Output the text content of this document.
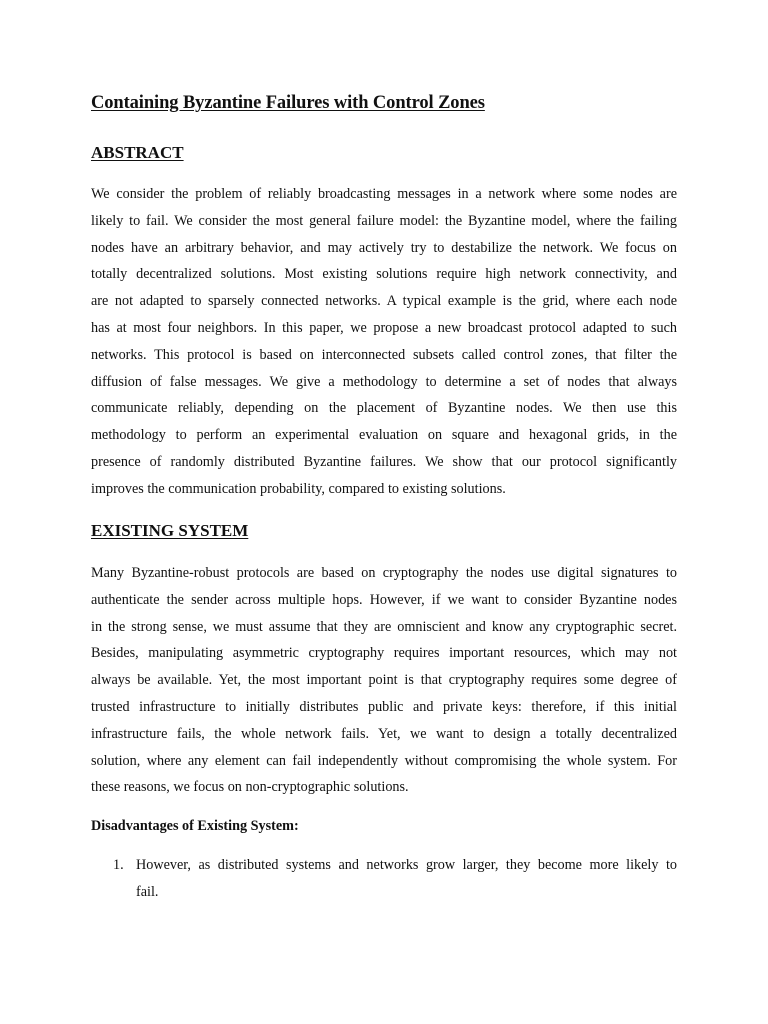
Containing Byzantine Failures with Control Zones
ABSTRACT

We consider the problem of reliably broadcasting messages in a network where some nodes are
likely to fail. We consider the most general failure model: the Byzantine model, where the failing
nodes have an arbitrary behavior, and may actively try to destabilize the network. We focus on
totally decentralized solutions. Most existing solutions require high network connectivity, and
are not adapted to sparsely connected networks. A typical example is the grid, where each node
has at most four neighbors. In this paper, we propose a new broadcast protocol adapted to such
networks. This protocol is based on interconnected subsets called control zones, that filter the
diffusion of false messages. We give a methodology to determine a set of nodes that always
communicate reliably, depending on the placement of Byzantine nodes. We then use this
methodology to perform an experimental evaluation on square and hexagonal grids, in the
presence of randomly distributed Byzantine failures. We show that our protocol significantly
improves the communication probability, compared to existing solutions.

EXISTING SYSTEM

Many Byzantine-robust protocols are based on cryptography the nodes use digital signatures to
authenticate the sender across multiple hops. However, if we want to consider Byzantine nodes
in the strong sense, we must assume that they are omniscient and know any cryptographic secret.
Besides, manipulating asymmetric cryptography requires important resources, which may not
always be available. Yet, the most important point is that cryptography requires some degree of
trusted infrastructure to initially distributes public and private keys: therefore, if this initial
infrastructure fails, the whole network fails. Yet, we want to design a totally decentralized
solution, where any element can fail independently without compromising the whole system. For
these reasons, we focus on non-cryptographic solutions.

Disadvantages of Existing System:
1. However, as distributed systems and networks grow larger, they become more likely to
fail.
